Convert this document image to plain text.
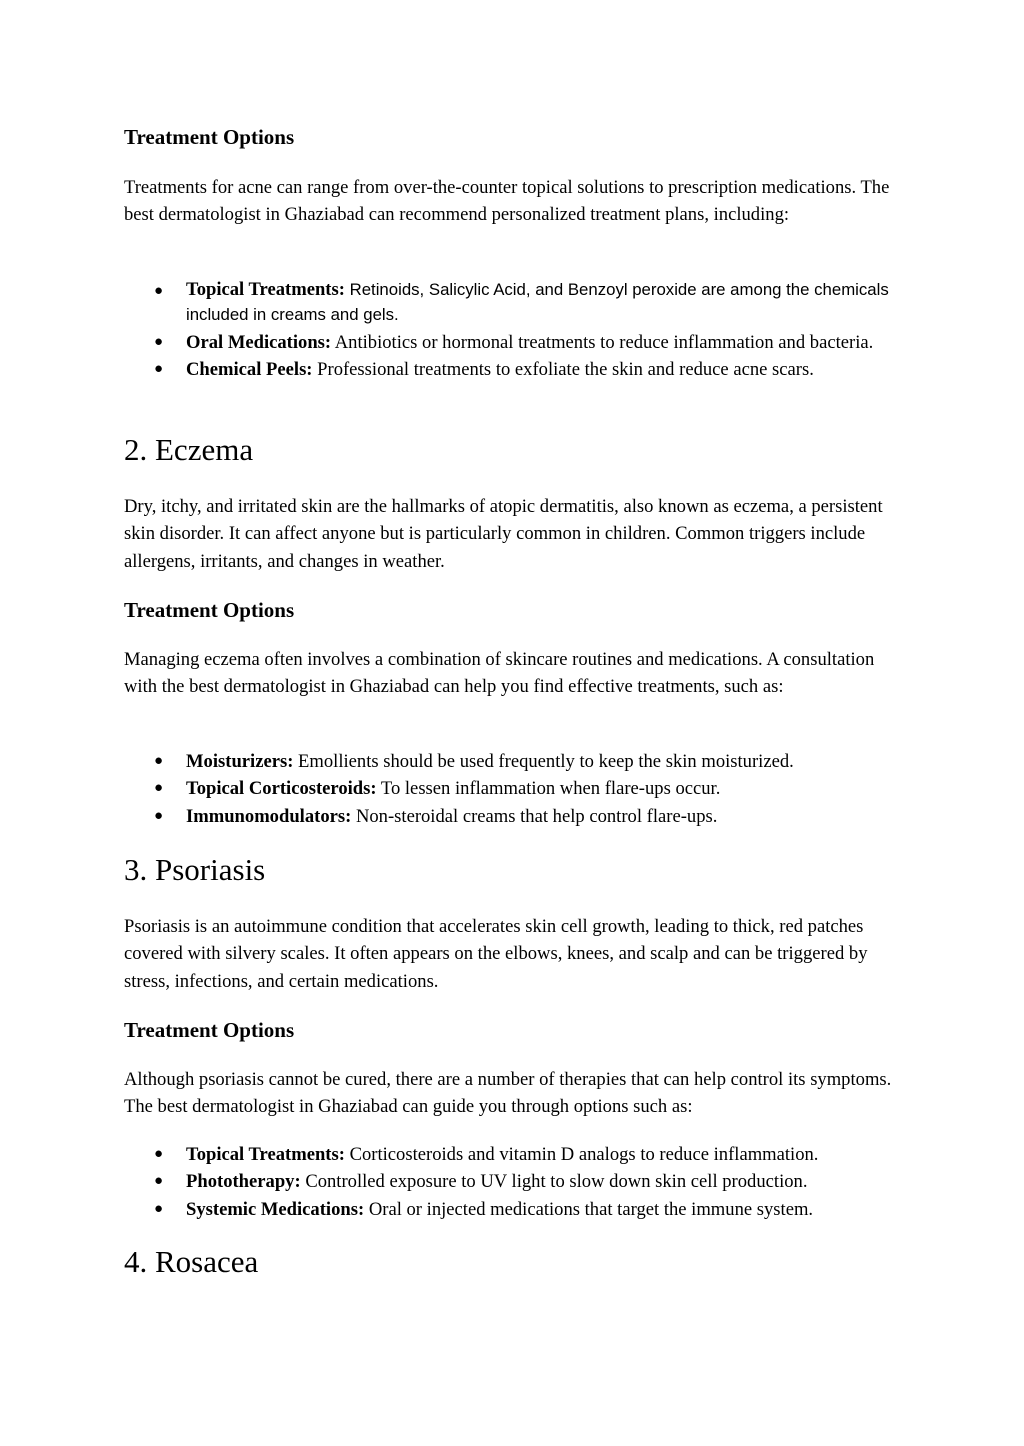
Treatment Options

Treatments for acne can range from over-the-counter topical solutions to prescription medications. The best dermatologist in Ghaziabad can recommend personalized treatment plans, including:

● Topical Treatments: Retinoids, Salicylic Acid, and Benzoyl peroxide are among the chemicals included in creams and gels.
● Oral Medications: Antibiotics or hormonal treatments to reduce inflammation and bacteria.
● Chemical Peels: Professional treatments to exfoliate the skin and reduce acne scars.
2. Eczema

Dry, itchy, and irritated skin are the hallmarks of atopic dermatitis, also known as eczema, a persistent skin disorder. It can affect anyone but is particularly common in children. Common triggers include allergens, irritants, and changes in weather.

Treatment Options

Managing eczema often involves a combination of skincare routines and medications. A consultation with the best dermatologist in Ghaziabad can help you find effective treatments, such as:

● Moisturizers: Emollients should be used frequently to keep the skin moisturized.
● Topical Corticosteroids: To lessen inflammation when flare-ups occur.
● Immunomodulators: Non-steroidal creams that help control flare-ups.
3. Psoriasis

Psoriasis is an autoimmune condition that accelerates skin cell growth, leading to thick, red patches covered with silvery scales. It often appears on the elbows, knees, and scalp and can be triggered by stress, infections, and certain medications.

Treatment Options

Although psoriasis cannot be cured, there are a number of therapies that can help control its symptoms. The best dermatologist in Ghaziabad can guide you through options such as:

● Topical Treatments: Corticosteroids and vitamin D analogs to reduce inflammation.
● Phototherapy: Controlled exposure to UV light to slow down skin cell production.
● Systemic Medications: Oral or injected medications that target the immune system.
4. Rosacea
